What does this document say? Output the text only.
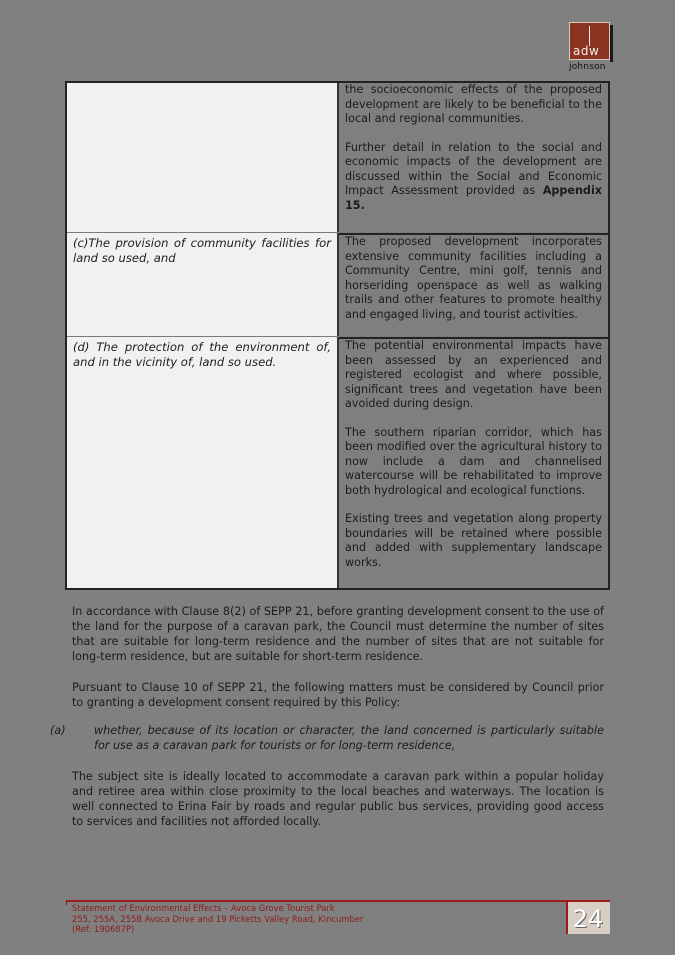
adw
johnson

the socioeconomic effects of the proposed development are likely to be beneficial to the local and regional communities.

Further detail in relation to the social and economic impacts of the development are discussed within the Social and Economic Impact Assessment provided as Appendix 15.

(c)The provision of community facilities for land so used, and

The proposed development incorporates extensive community facilities including a Community Centre, mini golf, tennis and horseriding openspace as well as walking trails and other features to promote healthy and engaged living, and tourist activities.

(d) The protection of the environment of, and in the vicinity of, land so used.

The potential environmental impacts have been assessed by an experienced and registered ecologist and where possible, significant trees and vegetation have been avoided during design.

The southern riparian corridor, which has been modified over the agricultural history to now include a dam and channelised watercourse will be rehabilitated to improve both hydrological and ecological functions.

Existing trees and vegetation along property boundaries will be retained where possible and added with supplementary landscape works.

In accordance with Clause 8(2) of SEPP 21, before granting development consent to the use of the land for the purpose of a caravan park, the Council must determine the number of sites that are suitable for long-term residence and the number of sites that are not suitable for long-term residence, but are suitable for short-term residence.
Pursuant to Clause 10 of SEPP 21, the following matters must be considered by Council prior to granting a development consent required by this Policy:
(a)	whether, because of its location or character, the land concerned is particularly suitable for use as a caravan park for tourists or for long-term residence,
The subject site is ideally located to accommodate a caravan park within a popular holiday and retiree area within close proximity to the local beaches and waterways. The location is well connected to Erina Fair by roads and regular public bus services, providing good access to services and facilities not afforded locally.
Statement of Environmental Effects – Avoca Grove Tourist Park
255, 255A, 255B Avoca Drive and 19 Picketts Valley Road, Kincumber
(Ref: 190687P)	24
